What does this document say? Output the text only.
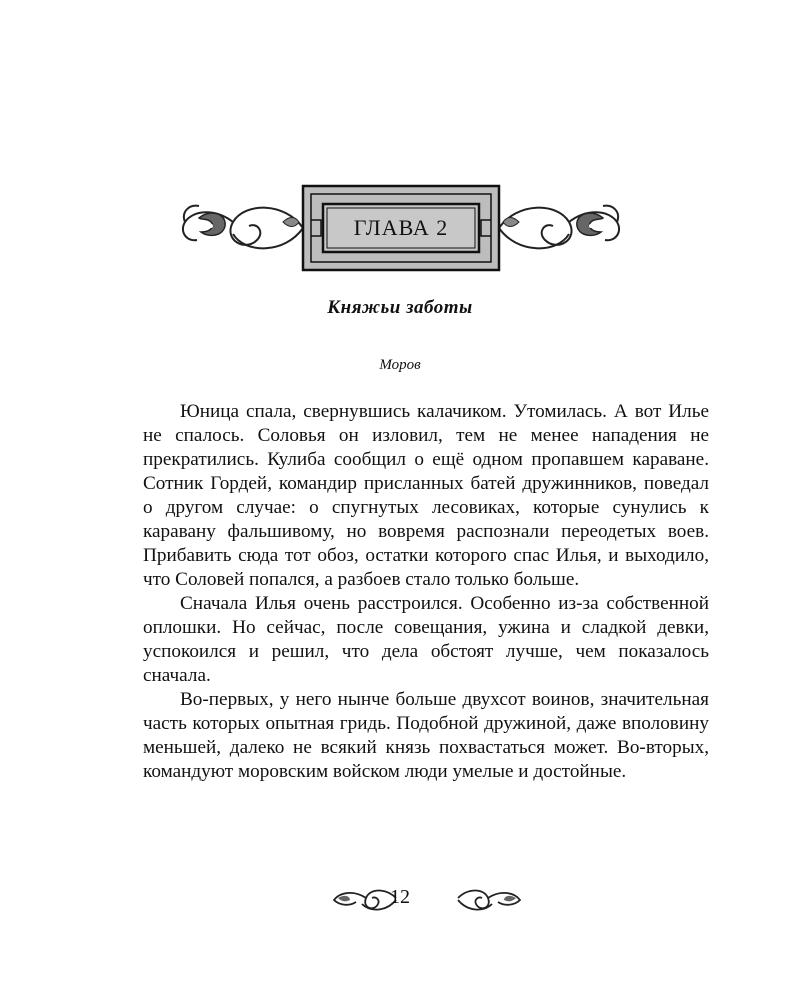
ГЛАВА 2
Княжьи заботы
Моров

Юница спала, свернувшись калачиком. Утомилась. А вот Илье не спалось. Соловья он изловил, тем не менее нападения не прекратились. Кулиба сообщил о ещё одном пропавшем караване. Сотник Гордей, командир присланных батей дружинников, поведал о другом случае: о спугнутых лесовиках, которые сунулись к каравану фальшивому, но вовремя распознали переодетых воев. Прибавить сюда тот обоз, остатки которого спас Илья, и выходило, что Соловей попался, а разбоев стало только больше.

Сначала Илья очень расстроился. Особенно из-за собственной оплошки. Но сейчас, после совещания, ужина и сладкой девки, успокоился и решил, что дела обстоят лучше, чем показалось сначала.

Во-первых, у него нынче больше двухсот воинов, значительная часть которых опытная гридь. Подобной дружиной, даже вполовину меньшей, далеко не всякий князь похвастаться может. Во-вторых, командуют моровским войском люди умелые и достойные.

12
